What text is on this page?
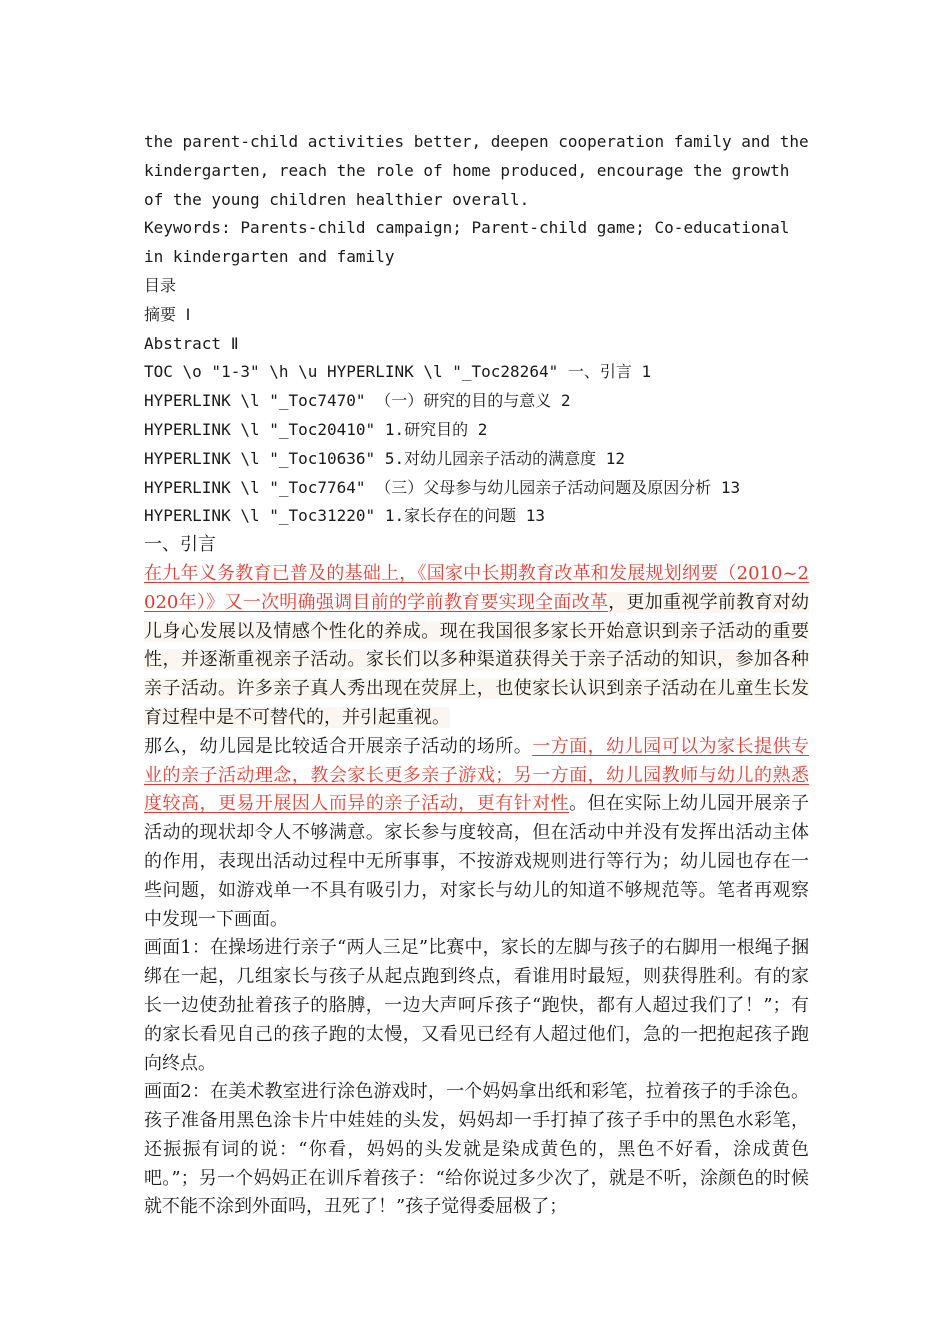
the parent-child activities better, deepen cooperation family and the
kindergarten, reach the role of home produced, encourage the growth
of the young children healthier overall.
Keywords: Parents-child campaign; Parent-child game; Co-educational
in kindergarten and family
目录
摘要 Ⅰ
Abstract Ⅱ
TOC \o "1-3" \h \u HYPERLINK \l "_Toc28264" 一、引言 1
HYPERLINK \l "_Toc7470" （一）研究的目的与意义 2
HYPERLINK \l "_Toc20410" 1.研究目的 2
HYPERLINK \l "_Toc10636" 5.对幼儿园亲子活动的满意度 12
HYPERLINK \l "_Toc7764" （三）父母参与幼儿园亲子活动问题及原因分析 13
HYPERLINK \l "_Toc31220" 1.家长存在的问题 13
一、引言
在九年义务教育已普及的基础上，《国家中长期教育改革和发展规划纲要（2010~2020年）》又一次明确强调目前的学前教育要实现全面改革，更加重视学前教育对幼儿身心发展以及情感个性化的养成。现在我国很多家长开始意识到亲子活动的重要性，并逐渐重视亲子活动。家长们以多种渠道获得关于亲子活动的知识，参加各种亲子活动。许多亲子真人秀出现在荧屏上，也使家长认识到亲子活动在儿童生长发育过程中是不可替代的，并引起重视。
那么，幼儿园是比较适合开展亲子活动的场所。一方面，幼儿园可以为家长提供专业的亲子活动理念，教会家长更多亲子游戏；另一方面，幼儿园教师与幼儿的熟悉度较高，更易开展因人而异的亲子活动，更有针对性。但在实际上幼儿园开展亲子活动的现状却令人不够满意。家长参与度较高，但在活动中并没有发挥出活动主体的作用，表现出活动过程中无所事事，不按游戏规则进行等行为；幼儿园也存在一些问题，如游戏单一不具有吸引力，对家长与幼儿的知道不够规范等。笔者再观察中发现一下画面。
画面1：在操场进行亲子“两人三足”比赛中，家长的左脚与孩子的右脚用一根绳子捆绑在一起，几组家长与孩子从起点跑到终点，看谁用时最短，则获得胜利。有的家长一边使劲扯着孩子的胳膊，一边大声呵斥孩子“跑快，都有人超过我们了！”；有的家长看见自己的孩子跑的太慢，又看见已经有人超过他们，急的一把抱起孩子跑向终点。
画面2：在美术教室进行涂色游戏时，一个妈妈拿出纸和彩笔，拉着孩子的手涂色。孩子准备用黑色涂卡片中娃娃的头发，妈妈却一手打掉了孩子手中的黑色水彩笔，还振振有词的说：“你看，妈妈的头发就是染成黄色的，黑色不好看，涂成黄色吧。”；另一个妈妈正在训斥着孩子：“给你说过多少次了，就是不听，涂颜色的时候就不能不涂到外面吗，丑死了！”孩子觉得委屈极了；
